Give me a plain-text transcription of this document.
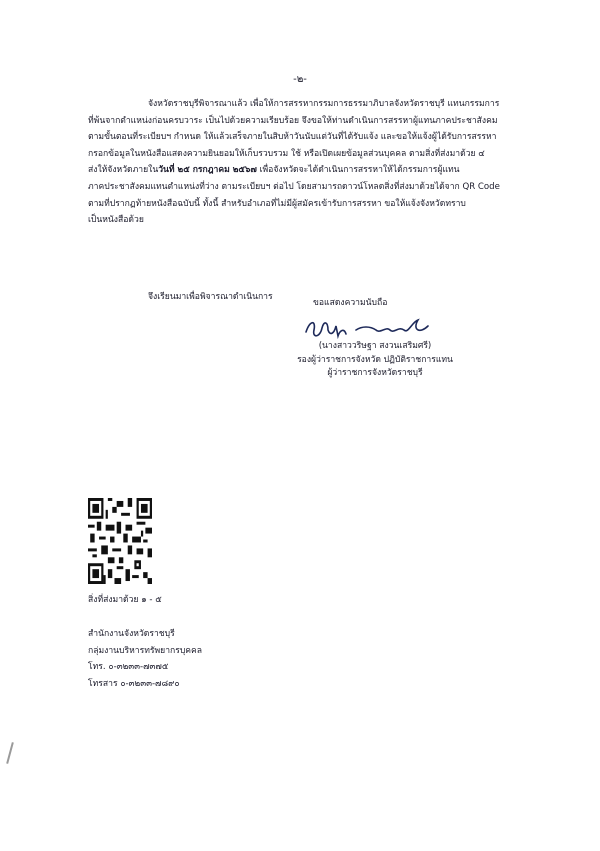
-๒-
จังหวัดราชบุรีพิจารณาแล้ว เพื่อให้การสรรหากรรมการธรรมาภิบาลจังหวัดราชบุรี แทนกรรมการ
ที่พ้นจากตำแหน่งก่อนครบวาระ เป็นไปด้วยความเรียบร้อย จึงขอให้ท่านดำเนินการสรรหาผู้แทนภาคประชาสังคม
ตามขั้นตอนที่ระเบียบฯ กำหนด ให้แล้วเสร็จภายในสิบห้าวันนับแต่วันที่ได้รับแจ้ง และขอให้แจ้งผู้ได้รับการสรรหา
กรอกข้อมูลในหนังสือแสดงความยินยอมให้เก็บรวบรวม ใช้ หรือเปิดเผยข้อมูลส่วนบุคคล ตามสิ่งที่ส่งมาด้วย ๔
ส่งให้จังหวัดภายในวันที่ ๒๕ กรกฎาคม ๒๕๖๗ เพื่อจังหวัดจะได้ดำเนินการสรรหาให้ได้กรรมการผู้แทน
ภาคประชาสังคมแทนตำแหน่งที่ว่าง ตามระเบียบฯ ต่อไป โดยสามารถดาวน์โหลดสิ่งที่ส่งมาด้วยได้จาก QR Code
ตามที่ปรากฏท้ายหนังสือฉบับนี้ ทั้งนี้ สำหรับอำเภอที่ไม่มีผู้สมัครเข้ารับการสรรหา ขอให้แจ้งจังหวัดทราบ
เป็นหนังสือด้วย
จึงเรียนมาเพื่อพิจารณาดำเนินการ
ขอแสดงความนับถือ
(นางสาววริษฐา สงวนเสริมศรี)
รองผู้ว่าราชการจังหวัด ปฏิบัติราชการแทน
ผู้ว่าราชการจังหวัดราชบุรี
สิ่งที่ส่งมาด้วย ๑ - ๕
สำนักงานจังหวัดราชบุรี
กลุ่มงานบริหารทรัพยากรบุคคล
โทร. ๐-๓๒๓๓-๗๓๗๕
โทรสาร ๐-๓๒๓๓-๗๘๙๐
